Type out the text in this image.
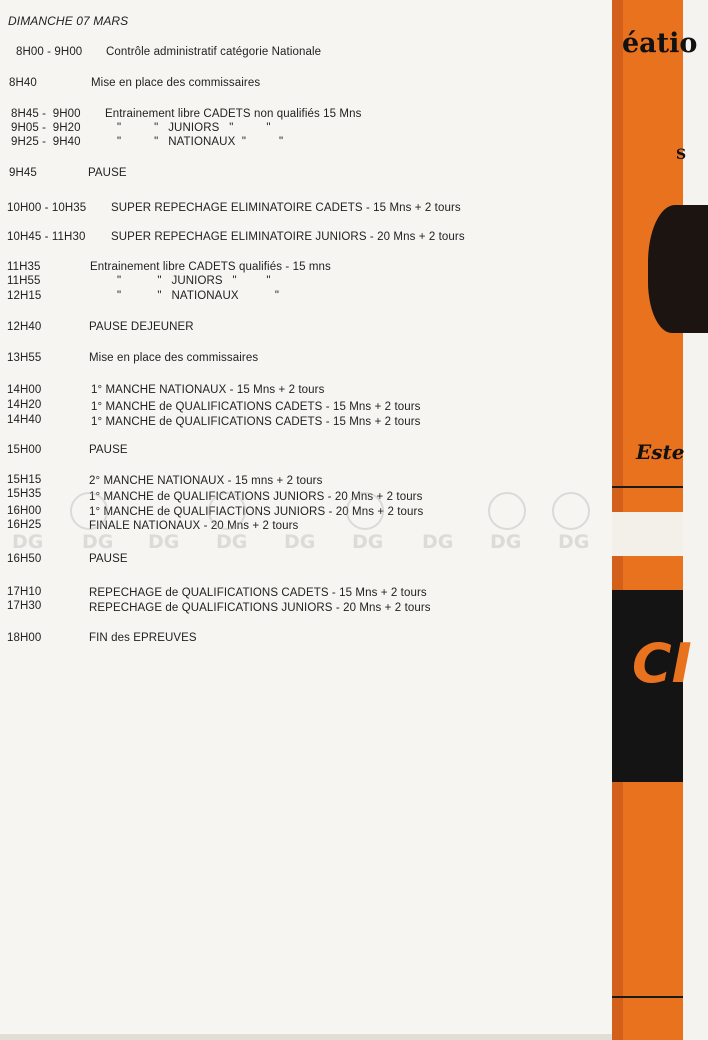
DIMANCHE 07 MARS
8H00 - 9H00 Contrôle administratif catégorie Nationale
8H40	Mise en place des commissaires
8H45 -  9H00 Entrainement libre CADETS non qualifiés 15 Mns
9H05 -  9H20	"          "   JUNIORS   "          "
9H25 -  9H40	"          "   NATIONAUX  "          "
9H45	PAUSE
10H00 - 10H35 SUPER REPECHAGE ELIMINATOIRE CADETS - 15 Mns + 2 tours
10H45 - 11H30 SUPER REPECHAGE ELIMINATOIRE JUNIORS - 20 Mns + 2 tours
11H35	Entrainement libre CADETS qualifiés - 15 mns
11H55	"           "   JUNIORS   "         "
12H15	"           "   NATIONAUX           "
12H40	PAUSE DEJEUNER
13H55	Mise en place des commissaires
14H00	1° MANCHE NATIONAUX - 15 Mns + 2 tours
14H20	1° MANCHE de QUALIFICATIONS CADETS - 15 Mns + 2 tours
14H40	1° MANCHE de QUALIFICATIONS CADETS - 15 Mns + 2 tours
15H00	PAUSE
15H15	2° MANCHE NATIONAUX - 15 mns + 2 tours
15H35	1° MANCHE de QUALIFICATIONS JUNIORS - 20 Mns + 2 tours
16H00	1° MANCHE de QUALIFIACTIONS JUNIORS - 20 Mns + 2 tours
16H25	FINALE NATIONAUX - 20 Mns + 2 tours
16H50	PAUSE
17H10	REPECHAGE de QUALIFICATIONS CADETS - 15 Mns + 2 tours
17H30	REPECHAGE de QUALIFICATIONS JUNIORS - 20 Mns + 2 tours
18H00	FIN des EPREUVES
DG DG DG DG DG DG DG DG DG
éatio
S
Este
CI
